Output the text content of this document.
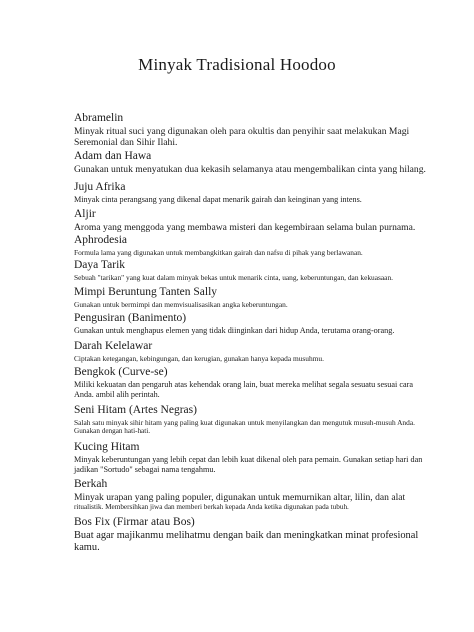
Minyak Tradisional Hoodoo
Abramelin
Minyak ritual suci yang digunakan oleh para okultis dan penyihir saat melakukan Magi Seremonial dan Sihir Ilahi.
Adam dan Hawa
Gunakan untuk menyatukan dua kekasih selamanya atau mengembalikan cinta yang hilang.
Juju Afrika
Minyak cinta perangsang yang dikenal dapat menarik gairah dan keinginan yang intens.
Aljir
Aroma yang menggoda yang membawa misteri dan kegembiraan selama bulan purnama.
Aphrodesia
Formula lama yang digunakan untuk membangkitkan gairah dan nafsu di pihak yang berlawanan.
Daya Tarik
Sebuah "tarikan" yang kuat dalam minyak bekas untuk menarik cinta, uang, keberuntungan, dan kekuasaan.
Mimpi Beruntung Tanten Sally
Gunakan untuk bermimpi dan memvisualisasikan angka keberuntungan.
Pengusiran (Banimento)
Gunakan untuk menghapus elemen yang tidak diinginkan dari hidup Anda, terutama orang-orang.
Darah Kelelawar
Ciptakan ketegangan, kebingungan, dan kerugian, gunakan hanya kepada musuhmu.
Bengkok (Curve-se)
Miliki kekuatan dan pengaruh atas kehendak orang lain, buat mereka melihat segala sesuatu sesuai cara Anda. ambil alih perintah.
Seni Hitam (Artes Negras)
Salah satu minyak sihir hitam yang paling kuat digunakan untuk menyilangkan dan mengutuk musuh-musuh Anda.
Gunakan dengan hati-hati.
Kucing Hitam
Minyak keberuntungan yang lebih cepat dan lebih kuat dikenal oleh para pemain. Gunakan setiap hari dan jadikan "Sortudo" sebagai nama tengahmu.
Berkah
Minyak urapan yang paling populer, digunakan untuk memurnikan altar, lilin, dan alat
ritualistik. Membersihkan jiwa dan memberi berkah kepada Anda ketika digunakan pada tubuh.
Bos Fix (Firmar atau Bos)
Buat agar majikanmu melihatmu dengan baik dan meningkatkan minat profesional kamu.
